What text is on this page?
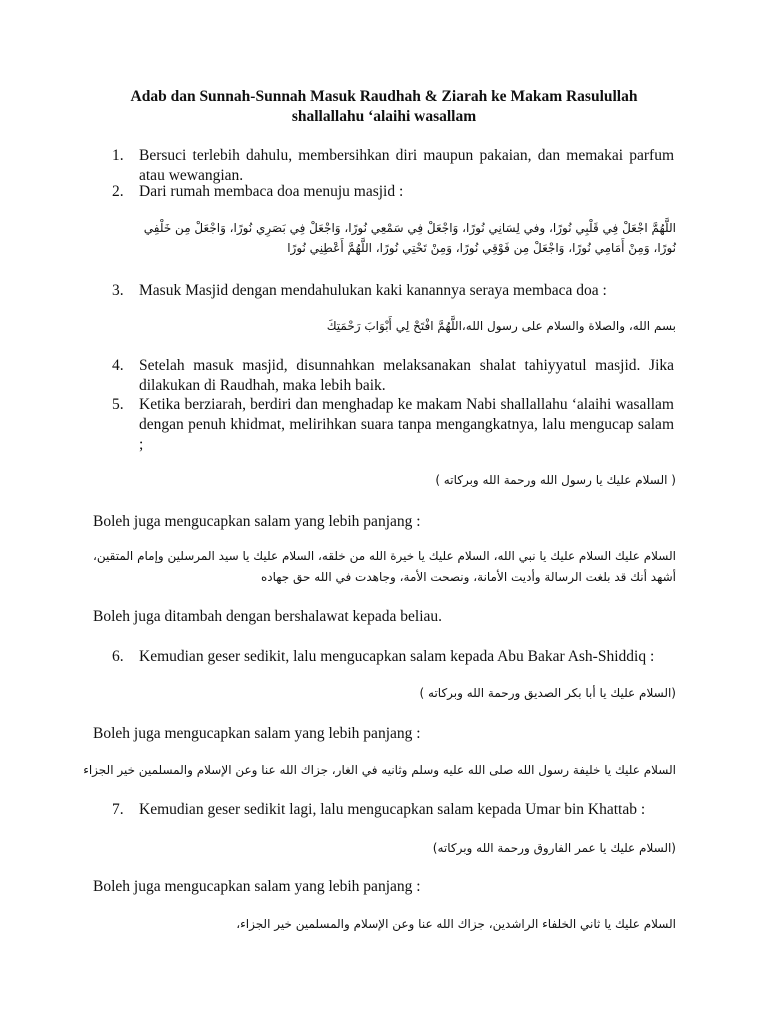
Adab dan Sunnah-Sunnah Masuk Raudhah & Ziarah ke Makam Rasulullah
shallallahu ‘alaihi wasallam
1. Bersuci terlebih dahulu, membersihkan diri maupun pakaian, dan memakai parfum atau wewangian.
2. Dari rumah membaca doa menuju masjid :
اللَّهُمَّ اجْعَلْ فِي قَلْبِي نُورًا، وفي لِسَانِي نُورًا، وَاجْعَلْ فِي سَمْعِي نُورًا، وَاجْعَلْ فِي بَصَرِي نُورًا، وَاجْعَلْ مِن خَلْفِي
نُورًا، وَمِنْ أَمَامِي نُورًا، وَاجْعَلْ مِن فَوْقِي نُورًا، وَمِنْ تَحْتِي نُورًا، اللَّهُمَّ أَعْطِنِي نُورًا
3. Masuk Masjid dengan mendahulukan kaki kanannya seraya membaca doa :
بسم الله، والصلاة والسلام على رسول الله،اللَّهُمَّ افْتَحْ لِي أَبْوَابَ رَحْمَتِكَ
4. Setelah masuk masjid, disunnahkan melaksanakan shalat tahiyyatul masjid. Jika dilakukan di Raudhah, maka lebih baik.
5. Ketika berziarah, berdiri dan menghadap ke makam Nabi shallallahu ‘alaihi wasallam dengan penuh khidmat, melirihkan suara tanpa mengangkatnya, lalu mengucap salam ;
( السلام عليك يا رسول الله ورحمة الله وبركاته )
Boleh juga mengucapkan salam yang lebih panjang :
السلام عليك السلام عليك يا نبي الله، السلام عليك يا خيرة الله من خلقه، السلام عليك يا سيد المرسلين وإمام المتقين،
أشهد أنك قد بلغت الرسالة وأديت الأمانة، ونصحت الأمة، وجاهدت في الله حق جهاده
Boleh juga ditambah dengan bershalawat kepada beliau.
6. Kemudian geser sedikit, lalu mengucapkan salam kepada Abu Bakar Ash-Shiddiq :
(السلام عليك يا أبا بكر الصديق ورحمة الله وبركاته )
Boleh juga mengucapkan salam yang lebih panjang :
السلام عليك يا خليفة رسول الله صلى الله عليه وسلم وثانيه في الغار، جزاك الله عنا وعن الإسلام والمسلمين خير الجزاء
7. Kemudian geser sedikit lagi, lalu mengucapkan salam kepada Umar bin Khattab :
(السلام عليك يا عمر الفاروق ورحمة الله وبركاته)
Boleh juga mengucapkan salam yang lebih panjang :
السلام عليك يا ثاني الخلفاء الراشدين، جزاك الله عنا وعن الإسلام والمسلمين خير الجزاء،
